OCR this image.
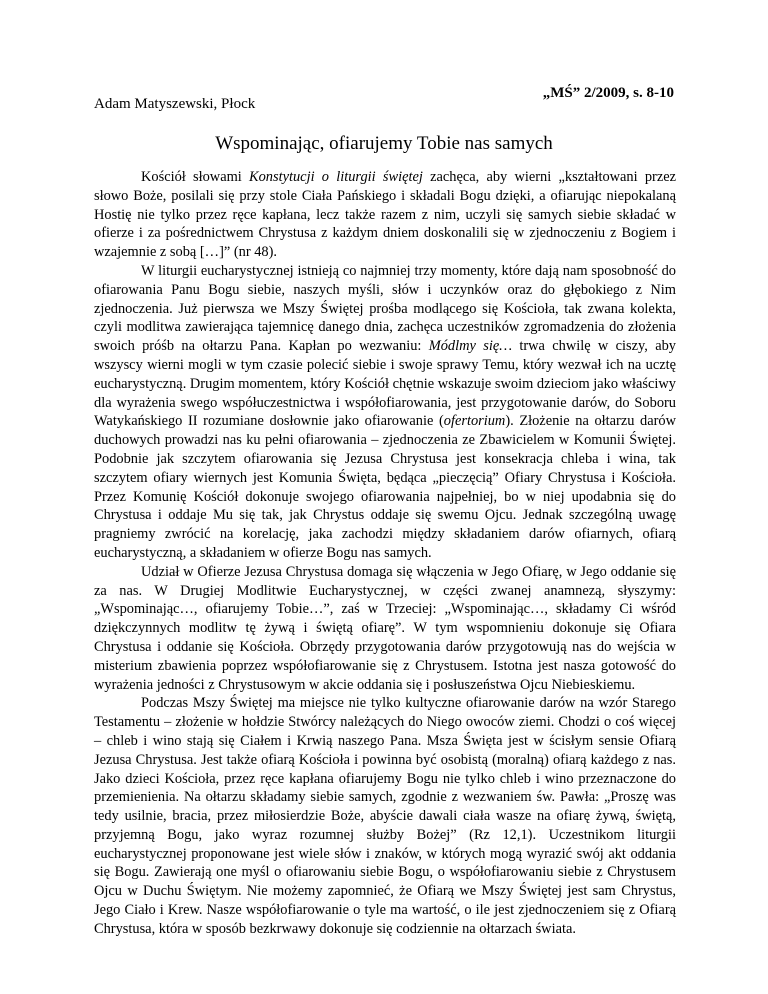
„MŚ” 2/2009, s. 8-10

Adam Matyszewski, Płock

Wspominając, ofiarujemy Tobie nas samych

Kościół słowami Konstytucji o liturgii świętej zachęca, aby wierni „kształtowani przez słowo Boże, posilali się przy stole Ciała Pańskiego i składali Bogu dzięki, a ofiarując niepokalaną Hostię nie tylko przez ręce kapłana, lecz także razem z nim, uczyli się samych siebie składać w ofierze i za pośrednictwem Chrystusa z każdym dniem doskonalili się w zjednoczeniu z Bogiem i wzajemnie z sobą […]” (nr 48).

W liturgii eucharystycznej istnieją co najmniej trzy momenty, które dają nam sposobność do ofiarowania Panu Bogu siebie, naszych myśli, słów i uczynków oraz do głębokiego z Nim zjednoczenia. Już pierwsza we Mszy Świętej prośba modlącego się Kościoła, tak zwana kolekta, czyli modlitwa zawierająca tajemnicę danego dnia, zachęca uczestników zgromadzenia do złożenia swoich próśb na ołtarzu Pana. Kapłan po wezwaniu: Módlmy się… trwa chwilę w ciszy, aby wszyscy wierni mogli w tym czasie polecić siebie i swoje sprawy Temu, który wezwał ich na ucztę eucharystyczną. Drugim momentem, który Kościół chętnie wskazuje swoim dzieciom jako właściwy dla wyrażenia swego współuczestnictwa i współofiarowania, jest przygotowanie darów, do Soboru Watykańskiego II rozumiane dosłownie jako ofiarowanie (ofertorium). Złożenie na ołtarzu darów duchowych prowadzi nas ku pełni ofiarowania – zjednoczenia ze Zbawicielem w Komunii Świętej. Podobnie jak szczytem ofiarowania się Jezusa Chrystusa jest konsekracja chleba i wina, tak szczytem ofiary wiernych jest Komunia Święta, będąca „pieczęcią” Ofiary Chrystusa i Kościoła. Przez Komunię Kościół dokonuje swojego ofiarowania najpełniej, bo w niej upodabnia się do Chrystusa i oddaje Mu się tak, jak Chrystus oddaje się swemu Ojcu. Jednak szczególną uwagę pragniemy zwrócić na korelację, jaka zachodzi między składaniem darów ofiarnych, ofiarą eucharystyczną, a składaniem w ofierze Bogu nas samych.

Udział w Ofierze Jezusa Chrystusa domaga się włączenia w Jego Ofiarę, w Jego oddanie się za nas. W Drugiej Modlitwie Eucharystycznej, w części zwanej anamnezą, słyszymy: „Wspominając…, ofiarujemy Tobie…”, zaś w Trzeciej: „Wspominając…, składamy Ci wśród dziękczynnych modlitw tę żywą i świętą ofiarę”. W tym wspomnieniu dokonuje się Ofiara Chrystusa i oddanie się Kościoła. Obrzędy przygotowania darów przygotowują nas do wejścia w misterium zbawienia poprzez współofiarowanie się z Chrystusem. Istotna jest nasza gotowość do wyrażenia jedności z Chrystusowym w akcie oddania się i posłuszeństwa Ojcu Niebieskiemu.

Podczas Mszy Świętej ma miejsce nie tylko kultyczne ofiarowanie darów na wzór Starego Testamentu – złożenie w hołdzie Stwórcy należących do Niego owoców ziemi. Chodzi o coś więcej – chleb i wino stają się Ciałem i Krwią naszego Pana. Msza Święta jest w ścisłym sensie Ofiarą Jezusa Chrystusa. Jest także ofiarą Kościoła i powinna być osobistą (moralną) ofiarą każdego z nas. Jako dzieci Kościoła, przez ręce kapłana ofiarujemy Bogu nie tylko chleb i wino przeznaczone do przemienienia. Na ołtarzu składamy siebie samych, zgodnie z wezwaniem św. Pawła: „Proszę was tedy usilnie, bracia, przez miłosierdzie Boże, abyście dawali ciała wasze na ofiarę żywą, świętą, przyjemną Bogu, jako wyraz rozumnej służby Bożej” (Rz 12,1). Uczestnikom liturgii eucharystycznej proponowane jest wiele słów i znaków, w których mogą wyrazić swój akt oddania się Bogu. Zawierają one myśl o ofiarowaniu siebie Bogu, o współofiarowaniu siebie z Chrystusem Ojcu w Duchu Świętym. Nie możemy zapomnieć, że Ofiarą we Mszy Świętej jest sam Chrystus, Jego Ciało i Krew. Nasze współofiarowanie o tyle ma wartość, o ile jest zjednoczeniem się z Ofiarą Chrystusa, która w sposób bezkrwawy dokonuje się codziennie na ołtarzach świata.
